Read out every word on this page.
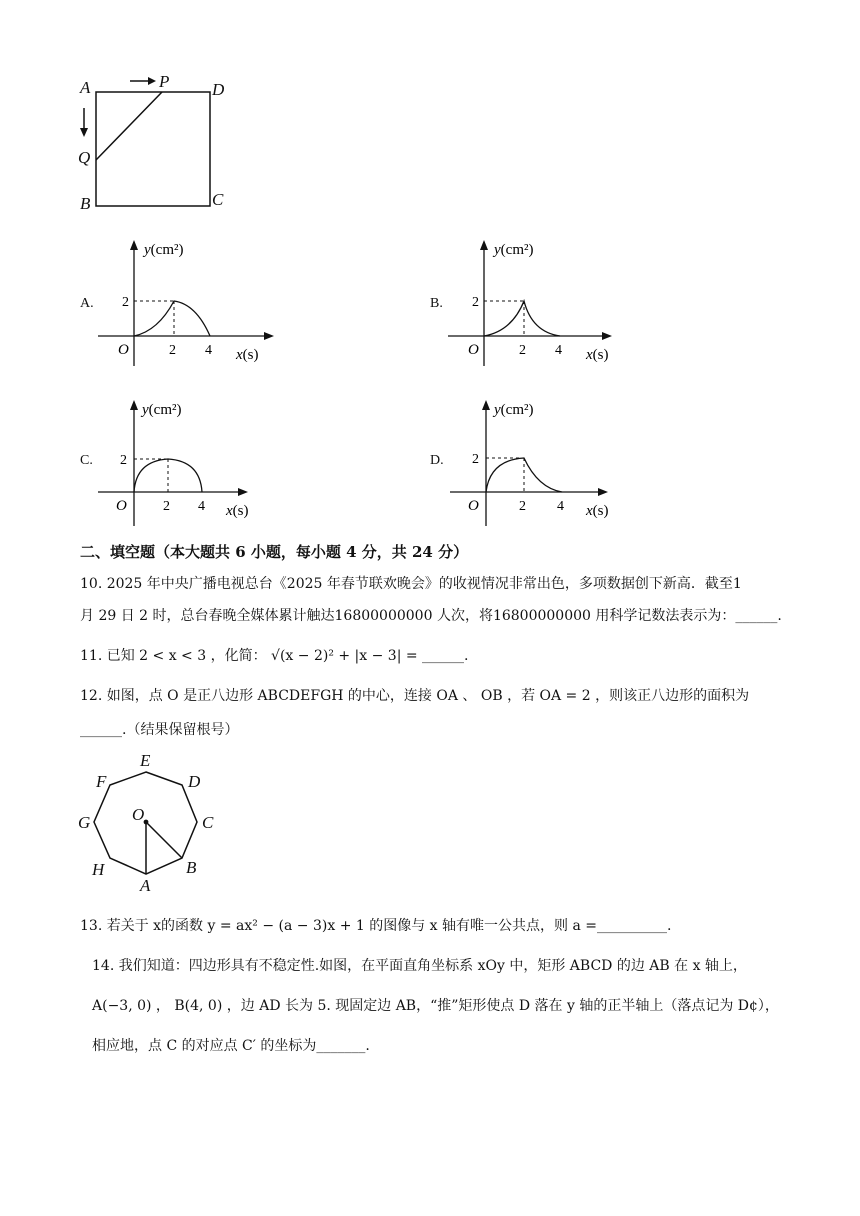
A	P	D
Q
B	C
A.
y(cm²)
2
O	2 4 x(s)
B.
y(cm²)
2
O	2 4 x(s)
C.
y(cm²)
2
O	2 4 x(s)
D.
y(cm²)
2
O	2 4 x(s)
二、填空题（本大题共 6 小题，每小题 4 分，共 24 分）
10. 2025 年中央广播电视总台《2025 年春节联欢晚会》的收视情况非常出色，多项数据创下新高．截至1
月 29 日 2 时，总台春晚全媒体累计触达16800000000 人次，将16800000000 用科学记数法表示为：______.
11. 已知 2 < x < 3 ，化简： √(x − 2)² + |x − 3| = ______.
12. 如图，点 O 是正八边形 ABCDEFGH 的中心，连接 OA 、 OB ，若 OA = 2 ，则该正八边形的面积为
______.（结果保留根号）
E
D
F
O	C
G
H	B
A
13. 若关于 x的函数 y = ax² − (a − 3)x + 1 的图像与 x 轴有唯一公共点，则 a =__________.
14. 我们知道：四边形具有不稳定性.如图，在平面直角坐标系 xOy 中，矩形 ABCD 的边 AB 在 x 轴上，
A(−3, 0) ， B(4, 0) ，边 AD 长为 5. 现固定边 AB，“推”矩形使点 D 落在 y 轴的正半轴上（落点记为 D¢），
相应地，点 C 的对应点 C′ 的坐标为_______.
